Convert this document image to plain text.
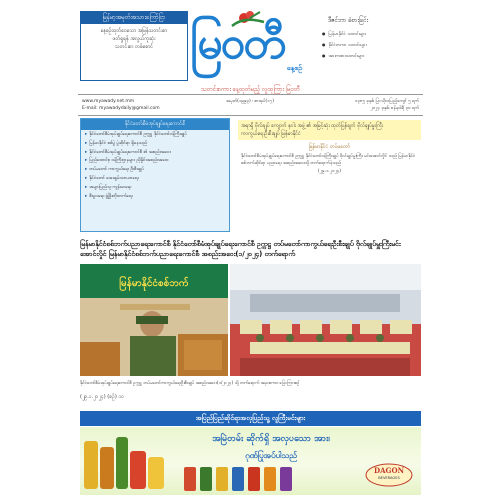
မြန်မာ့အမှတ်အသားကြော်ငြာ
နေ့စဉ်ထုတ်ဝေသော အမြန်သတင်းစာ
ဖတ်ရှုရန် အလွယ်ကူဆုံး
သတင်းစာ တစ်စောင် မြဝတီ နေ့စဉ်
ဒီဇင်ဘာ ခံစားခြင်း
● မြန်မာနိုင်ငံ သတင်းများ
● နိုင်ငံတကာ သတင်းများ
● အားကစားသတင်းများ
သတင်းစကား နေ့ထုတ်မည့် လူထုကြား မြဝတီ
www.myawady.net.mm
E-mail: myawadydaily@gmail.com
အမှတ်(၁၉၉၃) ၊ စာအုပ်(၁၇)	၁၃၈၅ ခုနှစ်၊ ပြာသိုလပြည့်ကျော် ၅ ရက်
၂၀၂၄ ခုနှစ်၊ ဇန်နဝါရီ ၃၀ ရက်
နိုင်ငံတော်စီမံအုပ်ချုပ်ရေးကောင်စီ
▸ နိုင်ငံတော်စီမံအုပ်ချုပ်ရေးကောင်စီ ဥက္ကဋ္ဌ နိုင်ငံတော်ဝန်ကြီးချုပ်
▸ မြန်မာနိုင်ငံ စစ်ပွဲ ပွဲဆိုင်ရာ ရှိနေသည်
▸ နိုင်ငံတော်စီမံအုပ်ချုပ်ရေးကောင်စီ ၏ အစည်းအဝေး
▸ ပြည်ထောင်စု ဝန်ကြီးဌာနများ ညှိနှိုင်းအစည်းအဝေး
▸ တပ်မတော် ကာကွယ်ရေး ဦးစီးချုပ်
▸ နိုင်ငံတော် အေးချမ်းသာယာရေး
▸ အများပြည်သူ ကျန်းမာရေး
▸ စီးပွားရေး ဖွံ့ဖြိုးတိုးတက်ရေး
အရာရှိ ဗိုလ်ချုပ် ကျောက် နဂါး အဖွဲ့ ၏ အမြင့်ဆုံး ထုတ်ပြန်ချက် ဗိုလ်ချုပ်မှူးကြီး ကာကွယ်ရေးဦးစီးချုပ် မြန်မာနိုင်ငံ
မြန်မာနိုင်ငံ တပ်မတော်
နိုင်ငံတော်စီမံအုပ်ချုပ်ရေးကောင်စီ ဥက္ကဋ္ဌ နိုင်ငံတော်ဝန်ကြီးချုပ် ဗိုလ်ချုပ်မှူးကြီး မင်းအောင်လှိုင် သည် မြန်မာနိုင်ငံ စစ်ဘက်ဆိုင်ရာ ပညာရေး အစည်းအဝေးသို့ တက်ရောက်ခဲ့သည်
(၂၉.၁.၂၀၂၄)
မြန်မာနိုင်ငံစစ်ဘက်ပညာရေးကောင်စီ နိုင်ငံတော်စီမံအုပ်ချုပ်ရေးကောင်စီ ဥက္ကဋ္ဌ တပ်မတော်ကာကွယ်ရေးဦးစီးချုပ် ဗိုလ်ချုပ်မှူးကြီးမင်းအောင်လှိုင် မြန်မာနိုင်ငံစစ်ဘက်ပညာရေးကောင်စီ အစည်းအဝေး(၁/၂၀၂၄) တက်ရောက်
မြန်မာနိုင်ငံစစ်ဘက်
နိုင်ငံတော်စီမံအုပ်ချုပ်ရေးကောင်စီ ဥက္ကဋ္ဌ တပ်မတော်ကာကွယ်ရေးဦးစီးချုပ် အစည်းအဝေး(၁/၂၀၂၄) သို့ တက်ရောက် အမှာစကား ပြောကြားစဉ်
(၂၉.၁.၂၀၂၄) (စဉ်) ၁၀
အပြည်ပြည်ဆိုင်ရာအလှပြည်သူ့ လူကြီးမင်းများ
အမြဲတမ်း ဆိုက်ရှိ အလှပသော အား၊
ဂုဏ်ပြုအပ်ပါသည်
DAGON
BEVERAGES
